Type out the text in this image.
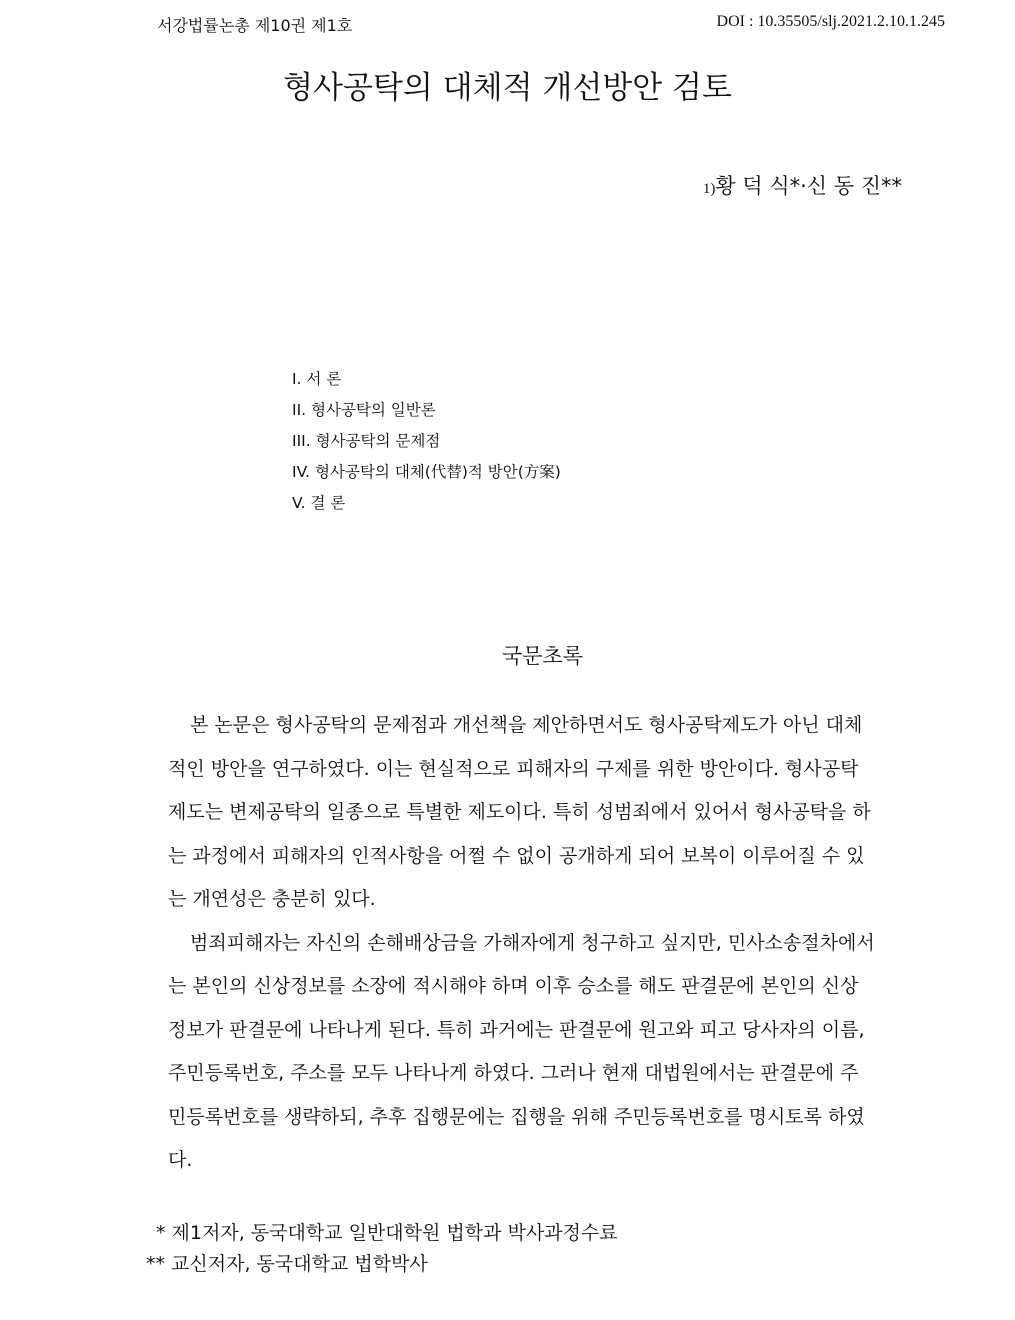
서강법률논총 제10권 제1호	DOI : 10.35505/slj.2021.2.10.1.245
형사공탁의 대체적 개선방안 검토
1)황 덕 식*·신 동 진**
I. 서 론
II. 형사공탁의 일반론
III. 형사공탁의 문제점
IV. 형사공탁의 대체(代替)적 방안(方案)
V. 결 론
국문초록
본 논문은 형사공탁의 문제점과 개선책을 제안하면서도 형사공탁제도가 아닌 대체
적인 방안을 연구하였다. 이는 현실적으로 피해자의 구제를 위한 방안이다. 형사공탁
제도는 변제공탁의 일종으로 특별한 제도이다. 특히 성범죄에서 있어서 형사공탁을 하
는 과정에서 피해자의 인적사항을 어쩔 수 없이 공개하게 되어 보복이 이루어질 수 있
는 개연성은 충분히 있다.
범죄피해자는 자신의 손해배상금을 가해자에게 청구하고 싶지만, 민사소송절차에서
는 본인의 신상정보를 소장에 적시해야 하며 이후 승소를 해도 판결문에 본인의 신상
정보가 판결문에 나타나게 된다. 특히 과거에는 판결문에 원고와 피고 당사자의 이름,
주민등록번호, 주소를 모두 나타나게 하였다. 그러나 현재 대법원에서는 판결문에 주
민등록번호를 생략하되, 추후 집행문에는 집행을 위해 주민등록번호를 명시토록 하였
다.
* 제1저자, 동국대학교 일반대학원 법학과 박사과정수료
** 교신저자, 동국대학교 법학박사
